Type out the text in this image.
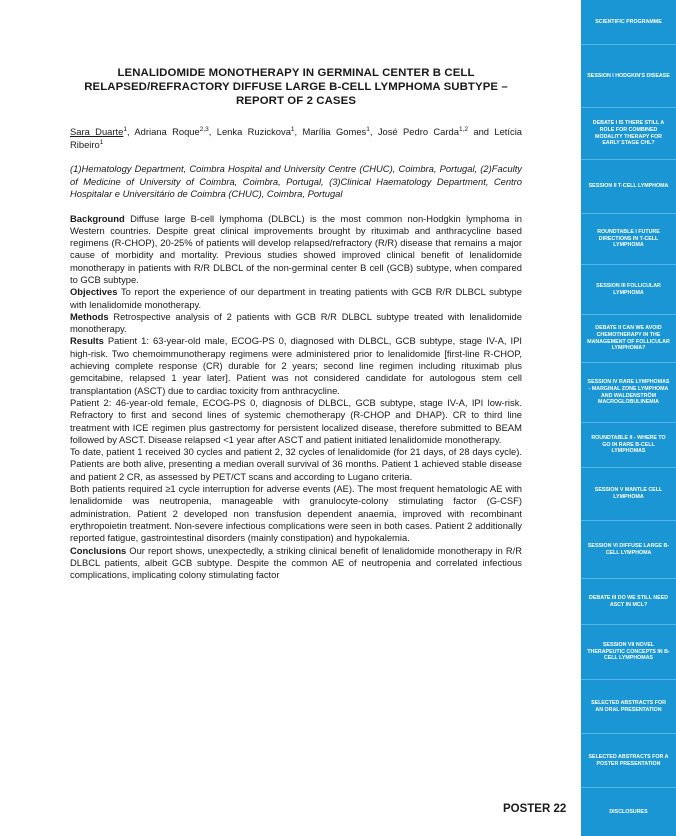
LENALIDOMIDE MONOTHERAPY IN GERMINAL CENTER B CELL RELAPSED/REFRACTORY DIFFUSE LARGE B-CELL LYMPHOMA SUBTYPE – REPORT OF 2 CASES
Sara Duarte$^1$, Adriana Roque$^{2,3}$, Lenka Ruzickova$^1$, Marília Gomes$^1$, José Pedro Carda$^{1,2}$ and Letícia Ribeiro$^1$
(1)Hematology Department, Coimbra Hospital and University Centre (CHUC), Coimbra, Portugal, (2)Faculty of Medicine of University of Coimbra, Coimbra, Portugal, (3)Clinical Haematology Department, Centro Hospitalar e Universitário de Coimbra (CHUC), Coimbra, Portugal

Background Diffuse large B-cell lymphoma (DLBCL) is the most common non-Hodgkin lymphoma in Western countries. Despite great clinical improvements brought by rituximab and anthracycline based regimens (R-CHOP), 20-25% of patients will develop relapsed/refractory (R/R) disease that remains a major cause of morbidity and mortality. Previous studies showed improved clinical benefit of lenalidomide monotherapy in patients with R/R DLBCL of the non-germinal center B cell (GCB) subtype, when compared to GCB subtype.

Objectives To report the experience of our department in treating patients with GCB R/R DLBCL subtype with lenalidomide monotherapy.

Methods Retrospective analysis of 2 patients with GCB R/R DLBCL subtype treated with lenalidomide monotherapy.

Results Patient 1: 63-year-old male, ECOG-PS 0, diagnosed with DLBCL, GCB subtype, stage IV-A, IPI high-risk. Two chemoimmunotherapy regimens were administered prior to lenalidomide [first-line R-CHOP, achieving complete response (CR) durable for 2 years; second line regimen including rituximab plus gemcitabine, relapsed 1 year later]. Patient was not considered candidate for autologous stem cell transplantation (ASCT) due to cardiac toxicity from anthracycline.

Patient 2: 46-year-old female, ECOG-PS 0, diagnosis of DLBCL, GCB subtype, stage IV-A, IPI low-risk. Refractory to first and second lines of systemic chemotherapy (R-CHOP and DHAP). CR to third line treatment with ICE regimen plus gastrectomy for persistent localized disease, therefore submitted to BEAM followed by ASCT. Disease relapsed <1 year after ASCT and patient initiated lenalidomide monotherapy.

To date, patient 1 received 30 cycles and patient 2, 32 cycles of lenalidomide (for 21 days, of 28 days cycle). Patients are both alive, presenting a median overall survival of 36 months. Patient 1 achieved stable disease and patient 2 CR, as assessed by PET/CT scans and according to Lugano criteria.

Both patients required ≥1 cycle interruption for adverse events (AE). The most frequent hematologic AE with lenalidomide was neutropenia, manageable with granulocyte-colony stimulating factor (G-CSF) administration. Patient 2 developed non transfusion dependent anaemia, improved with recombinant erythropoietin treatment. Non-severe infectious complications were seen in both cases. Patient 2 additionally reported fatigue, gastrointestinal disorders (mainly constipation) and hypokalemia.

Conclusions Our report shows, unexpectedly, a striking clinical benefit of lenalidomide monotherapy in R/R DLBCL patients, albeit GCB subtype. Despite the common AE of neutropenia and correlated infectious complications, implicating colony stimulating factor

POSTER 22
SCIENTIFIC PROGRAMME
SESSION I HODGKIN'S DISEASE
DEBATE I IS THERE STILL A ROLE FOR COMBINED MODALITY THERAPY FOR EARLY STAGE CHL?
SESSION II T-CELL LYMPHOMA
ROUNDTABLE I FUTURE DIRECTIONS IN T-CELL LYMPHOMA
SESSION III FOLLICULAR LYMPHOMA
DEBATE II CAN WE AVOID CHEMOTHERAPY IN THE MANAGEMENT OF FOLLICULAR LYMPHOMA?
SESSION IV RARE LYMPHOMAS - MARGINAL ZONE LYMPHOMA AND WALDENSTRÖM MACROGLOBULINEMIA
ROUNDTABLE II - WHERE TO GO IN RARE B-CELL LYMPHOMAS
SESSION V MANTLE CELL LYMPHOMA
SESSION VI DIFFUSE LARGE B-CELL LYMPHOMA
DEBATE III DO WE STILL NEED ASCT IN MCL?
SESSION VII NOVEL THERAPEUTIC CONCEPTS IN B-CELL LYMPHOMAS
SELECTED ABSTRACTS FOR AN ORAL PRESENTATION
SELECTED ABSTRACTS FOR A POSTER PRESENTATION
DISCLOSURES
